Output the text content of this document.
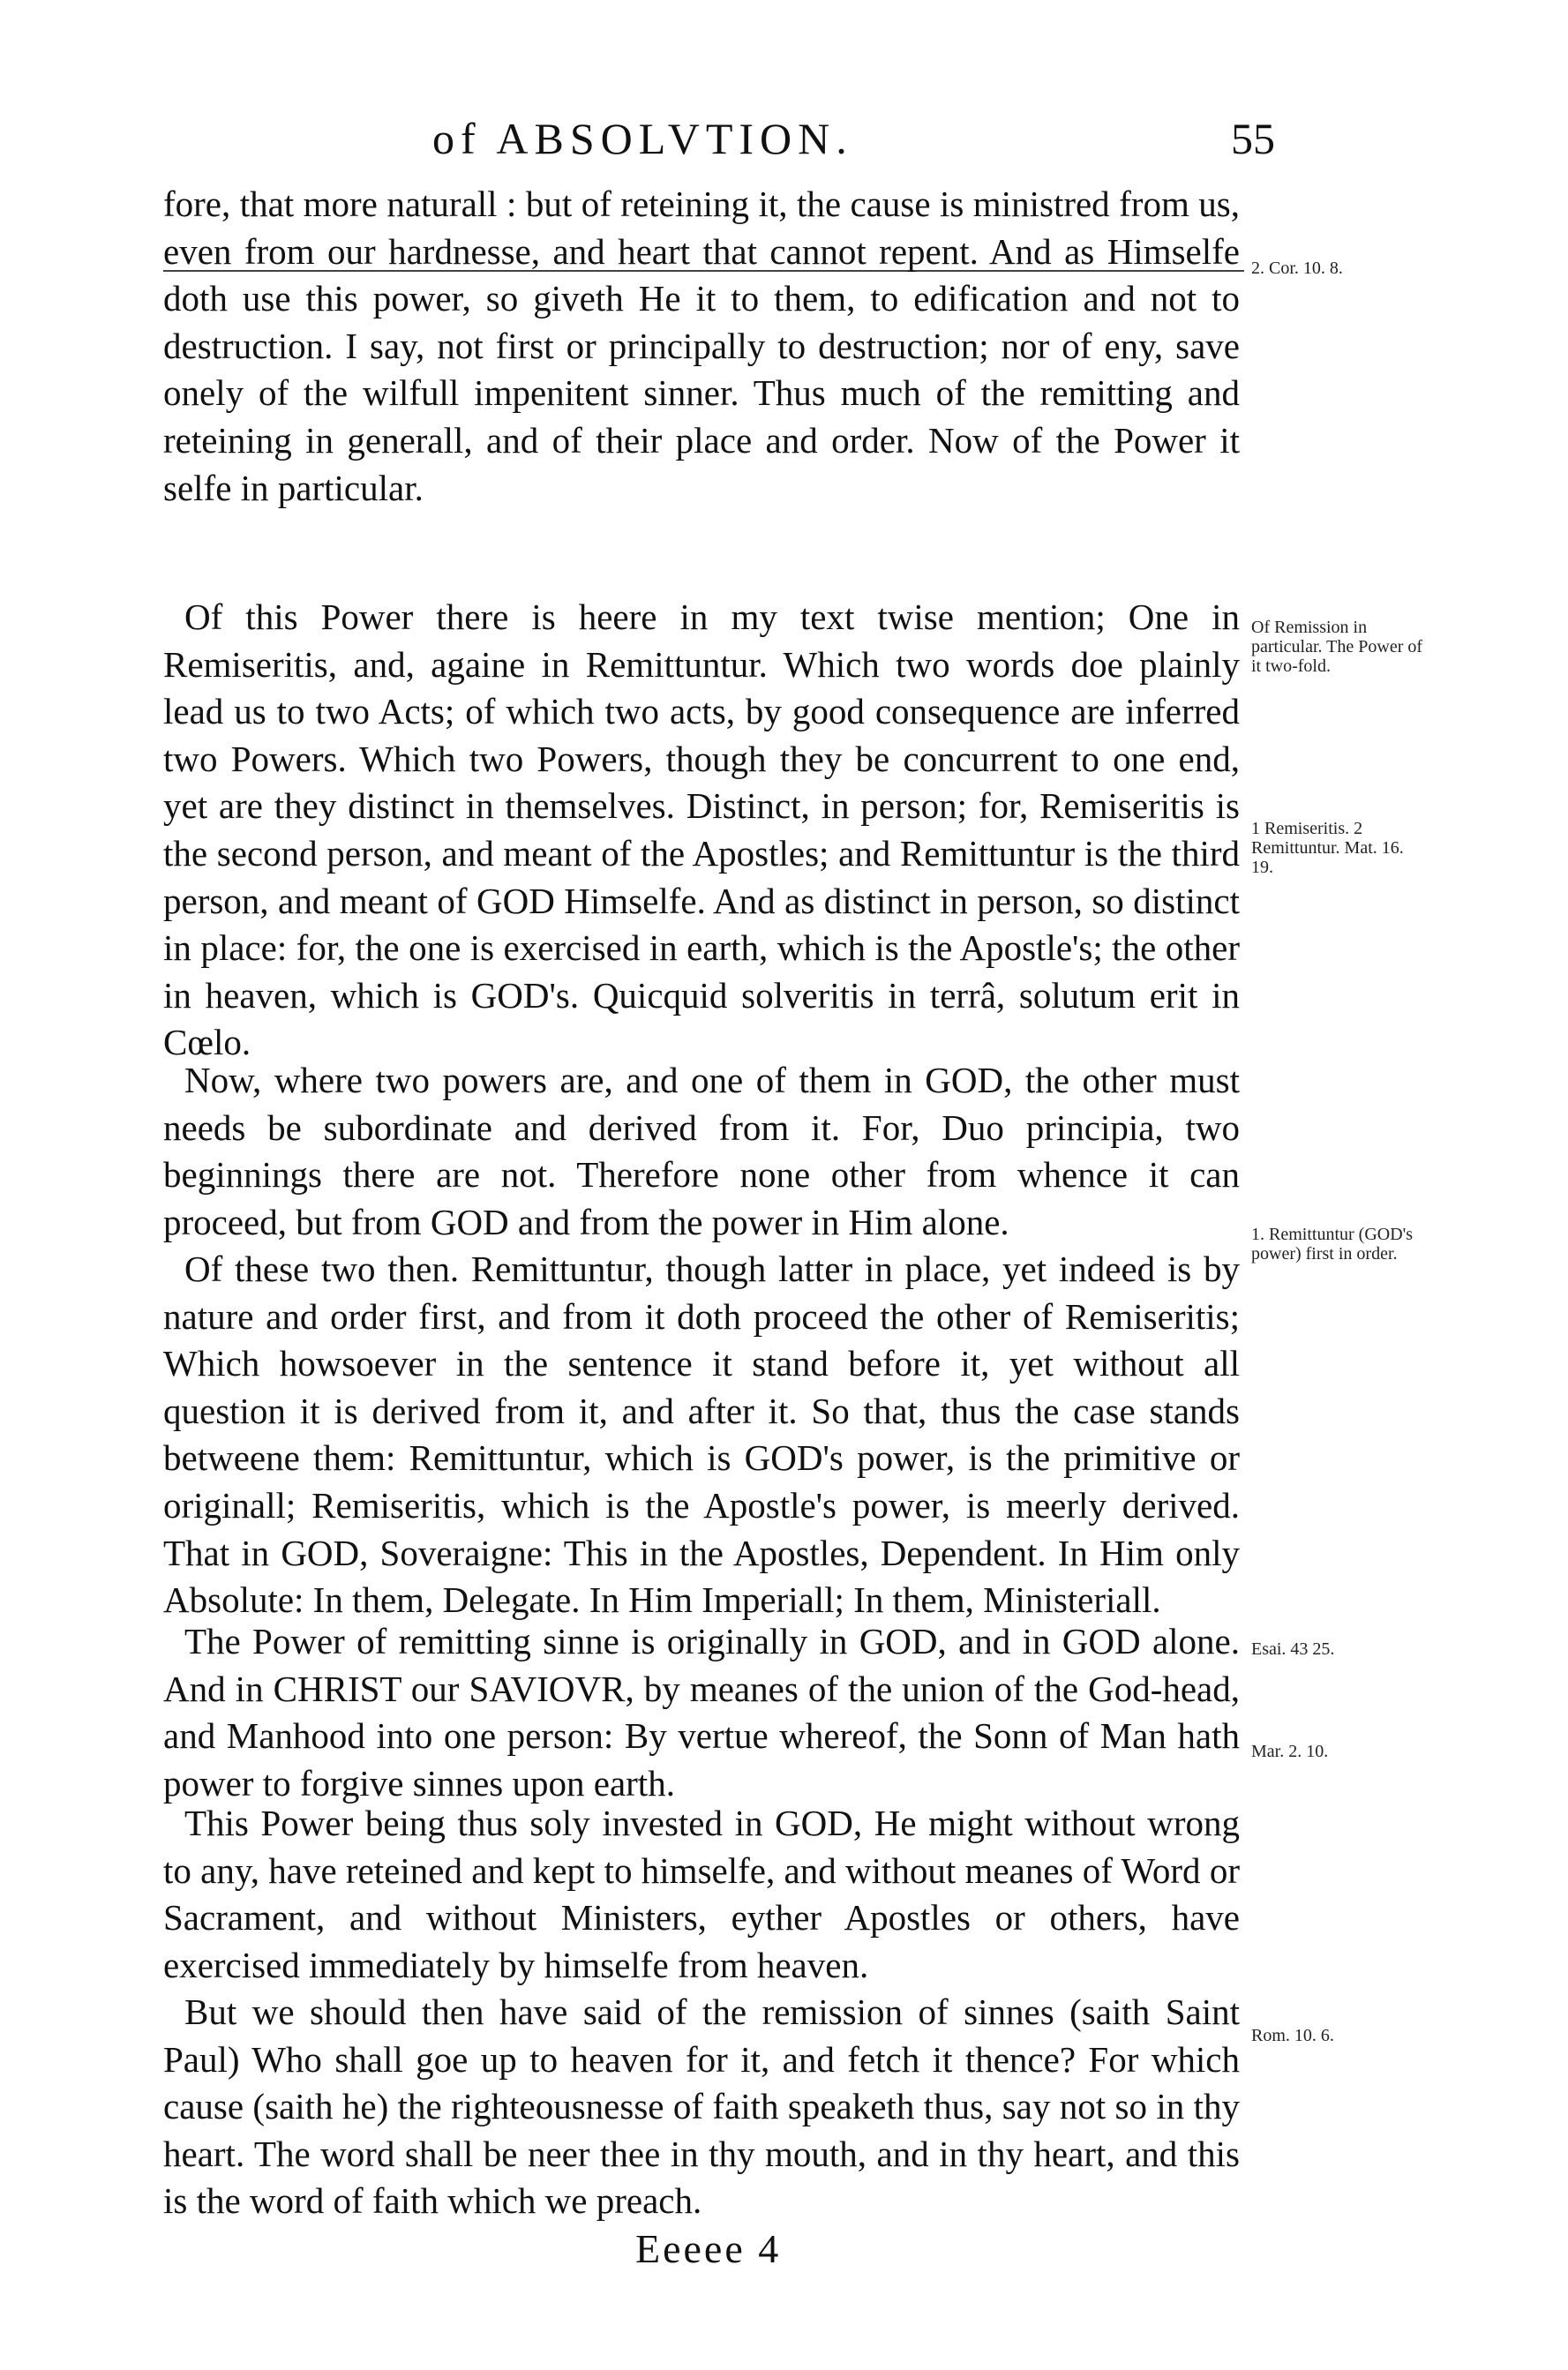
of ABSOLVTION.	55

fore, that more naturall : but of reteining it, the cause is ministred from us, even from our hardnesse, and heart that cannot repent. And as Himselfe doth use this power, so giveth He it to them, to edification and not to destruction. I say, not first or principally to destruction; nor of eny, save onely of the wilfull impenitent sinner. Thus much of the remitting and reteining in generall, and of their place and order. Now of the Power it selfe in particular.

Of this Power there is heere in my text twise mention; One in Remiseritis, and, againe in Remittuntur. Which two words doe plainly lead us to two Acts; of which two acts, by good consequence are inferred two Powers. Which two Powers, though they be concurrent to one end, yet are they distinct in themselves. Distinct, in person; for, Remiseritis is the second person, and meant of the Apostles; and Remittuntur is the third person, and meant of GOD Himselfe. And as distinct in person, so distinct in place: for, the one is exercised in earth, which is the Apostle's; the other in heaven, which is GOD's. Quicquid solveritis in terrâ, solutum erit in Cœlo.

Now, where two powers are, and one of them in GOD, the other must needs be subordinate and derived from it. For, Duo principia, two beginnings there are not. Therefore none other from whence it can proceed, but from GOD and from the power in Him alone.

Of these two then. Remittuntur, though latter in place, yet indeed is by nature and order first, and from it doth proceed the other of Remiseritis; Which howsoever in the sentence it stand before it, yet without all question it is derived from it, and after it. So that, thus the case stands betweene them: Remittuntur, which is GOD's power, is the primitive or originall; Remiseritis, which is the Apostle's power, is meerly derived. That in GOD, Soveraigne: This in the Apostles, Dependent. In Him only Absolute: In them, Delegate. In Him Imperiall; In them, Ministeriall.

The Power of remitting sinne is originally in GOD, and in GOD alone. And in CHRIST our SAVIOVR, by meanes of the union of the God-head, and Manhood into one person: By vertue whereof, the Sonn of Man hath power to forgive sinnes upon earth.

This Power being thus soly invested in GOD, He might without wrong to any, have reteined and kept to himselfe, and without meanes of Word or Sacrament, and without Ministers, eyther Apostles or others, have exercised immediately by himselfe from heaven.

But we should then have said of the remission of sinnes (saith Saint Paul) Who shall goe up to heaven for it, and fetch it thence? For which cause (saith he) the righteousnesse of faith speaketh thus, say not so in thy heart. The word shall be neer thee in thy mouth, and in thy heart, and this is the word of faith which we preach.

2. Cor. 10. 8.
Of Remission in particular. The Power of it two-fold.
1 Remiseritis. 2 Remittuntur. Mat. 16. 19.
1. Remittuntur (GOD's power) first in order.
Esai. 43 25.
Mar. 2. 10.
Rom. 10. 6.
Eeeee 4
